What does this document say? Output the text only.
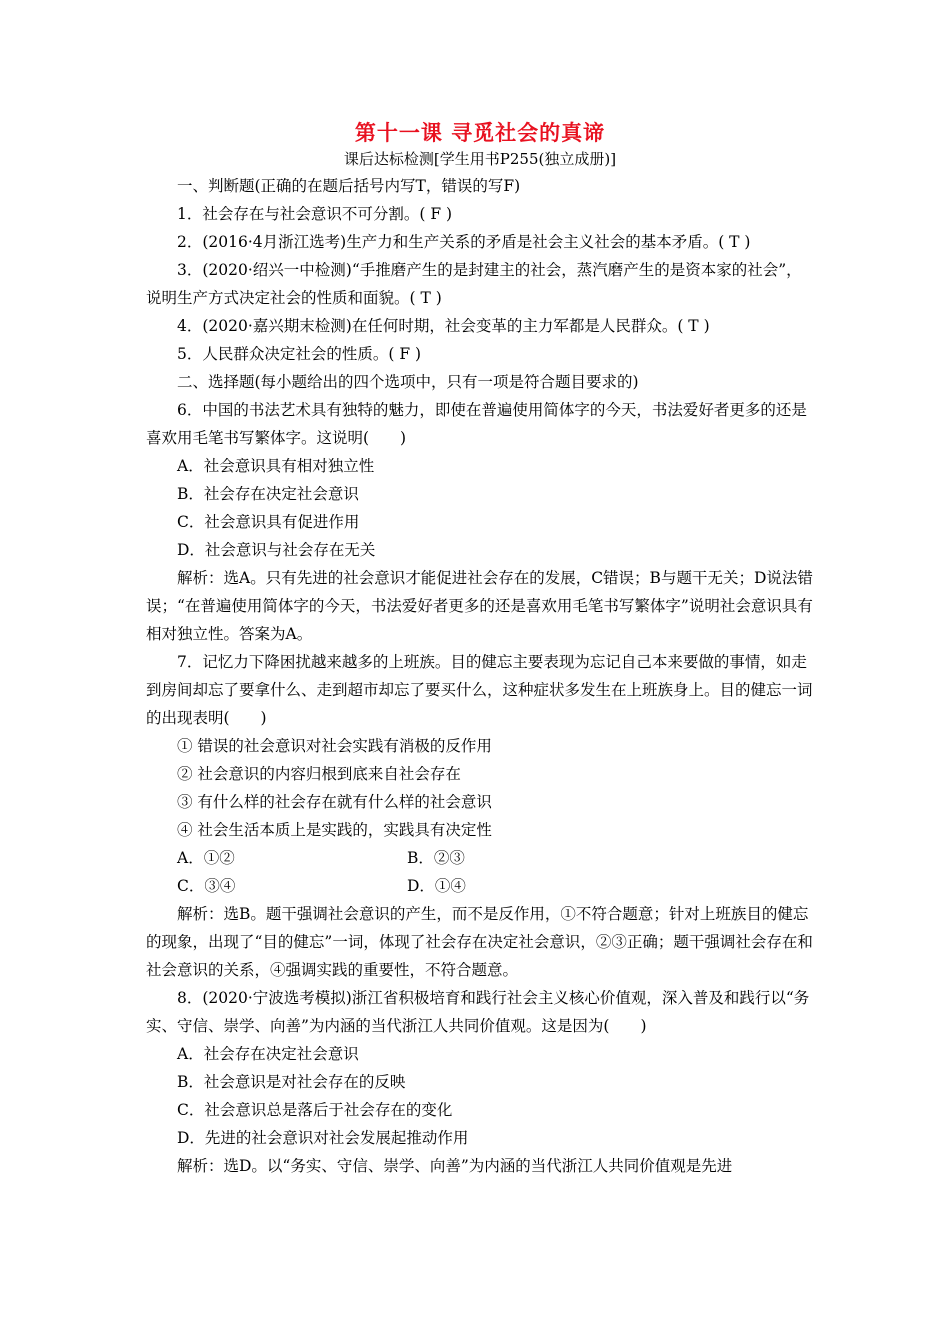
第十一课 寻觅社会的真谛
课后达标检测[学生用书P255(独立成册)]

一、判断题(正确的在题后括号内写T，错误的写F)

1．社会存在与社会意识不可分割。( F )

2．(2016·4月浙江选考)生产力和生产关系的矛盾是社会主义社会的基本矛盾。( T )

3．(2020·绍兴一中检测)“手推磨产生的是封建主的社会，蒸汽磨产生的是资本家的社会”，说明生产方式决定社会的性质和面貌。( T )

4．(2020·嘉兴期末检测)在任何时期，社会变革的主力军都是人民群众。( T )

5．人民群众决定社会的性质。( F )

二、选择题(每小题给出的四个选项中，只有一项是符合题目要求的)

6．中国的书法艺术具有独特的魅力，即使在普遍使用简体字的今天，书法爱好者更多的还是喜欢用毛笔书写繁体字。这说明(　　)

A．社会意识具有相对独立性

B．社会存在决定社会意识

C．社会意识具有促进作用

D．社会意识与社会存在无关

解析：选A。只有先进的社会意识才能促进社会存在的发展，C错误；B与题干无关；D说法错误；“在普遍使用简体字的今天，书法爱好者更多的还是喜欢用毛笔书写繁体字”说明社会意识具有相对独立性。答案为A。

7．记忆力下降困扰越来越多的上班族。目的健忘主要表现为忘记自己本来要做的事情，如走到房间却忘了要拿什么、走到超市却忘了要买什么，这种症状多发生在上班族身上。目的健忘一词的出现表明(　　)

① 错误的社会意识对社会实践有消极的反作用

② 社会意识的内容归根到底来自社会存在

③ 有什么样的社会存在就有什么样的社会意识

④ 社会生活本质上是实践的，实践具有决定性

A．①②	B．②③
C．③④	D．①④

解析：选B。题干强调社会意识的产生，而不是反作用，①不符合题意；针对上班族目的健忘的现象，出现了“目的健忘”一词，体现了社会存在决定社会意识，②③正确；题干强调社会存在和社会意识的关系，④强调实践的重要性，不符合题意。

8．(2020·宁波选考模拟)浙江省积极培育和践行社会主义核心价值观，深入普及和践行以“务实、守信、崇学、向善”为内涵的当代浙江人共同价值观。这是因为(　　)

A．社会存在决定社会意识

B．社会意识是对社会存在的反映

C．社会意识总是落后于社会存在的变化

D．先进的社会意识对社会发展起推动作用

解析：选D。以“务实、守信、崇学、向善”为内涵的当代浙江人共同价值观是先进
